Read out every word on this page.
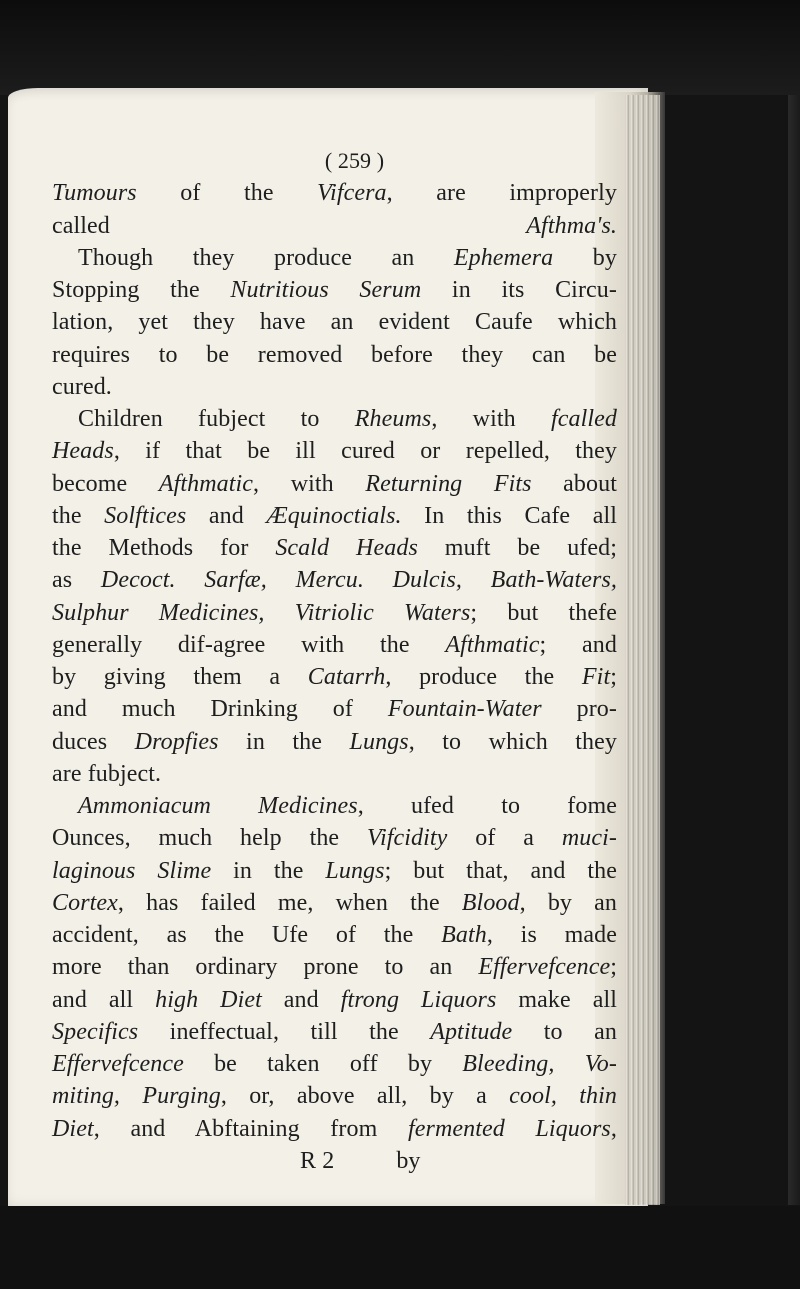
( 259 )
Tumours of the Vifcera, are improperly
called Afthma's.
Though they produce an Ephemera by
Stopping the Nutritious Serum in its Circu-
lation, yet they have an evident Caufe which
requires to be removed before they can be
cured.
Children fubject to Rheums, with fcalled
Heads, if that be ill cured or repelled, they
become Afthmatic, with Returning Fits about
the Solftices and Æquinoctials. In this Cafe all
the Methods for Scald Heads muft be ufed;
as Decoct. Sarfæ, Mercu. Dulcis, Bath-Waters,
Sulphur Medicines, Vitriolic Waters; but thefe
generally dif-agree with the Afthmatic; and
by giving them a Catarrh, produce the Fit;
and much Drinking of Fountain-Water pro-
duces Dropfies in the Lungs, to which they
are fubject.
Ammoniacum Medicines, ufed to fome
Ounces, much help the Vifcidity of a muci-
laginous Slime in the Lungs; but that, and the
Cortex, has failed me, when the Blood, by an
accident, as the Ufe of the Bath, is made
more than ordinary prone to an Effervefcence;
and all high Diet and ftrong Liquors make all
Specifics ineffectual, till the Aptitude to an
Effervefcence be taken off by Bleeding, Vo-
miting, Purging, or, above all, by a cool, thin
Diet, and Abftaining from fermented Liquors,
R 2	by
